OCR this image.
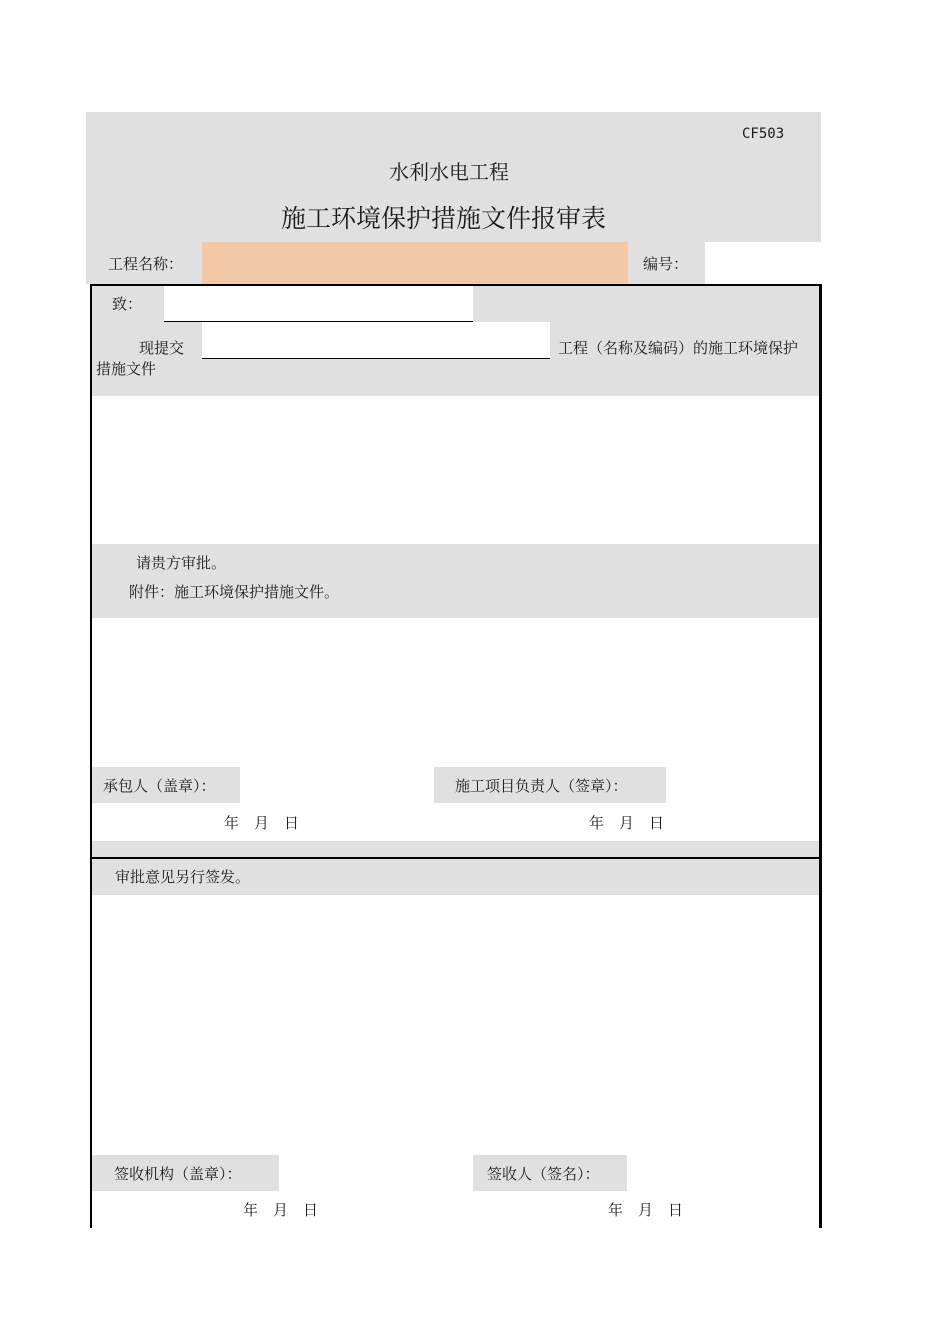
CF503
水利水电工程
施工环境保护措施文件报审表
工程名称：	编号：
致：
现提交	工程（名称及编码）的施工环境保护
措施文件
请贵方审批。
附件：施工环境保护措施文件。
承包人（盖章）：	施工项目负责人（签章）：
年　月　日	年　月　日
审批意见另行签发。
签收机构（盖章）：	签收人（签名）：
年　月　日	年　月　日
